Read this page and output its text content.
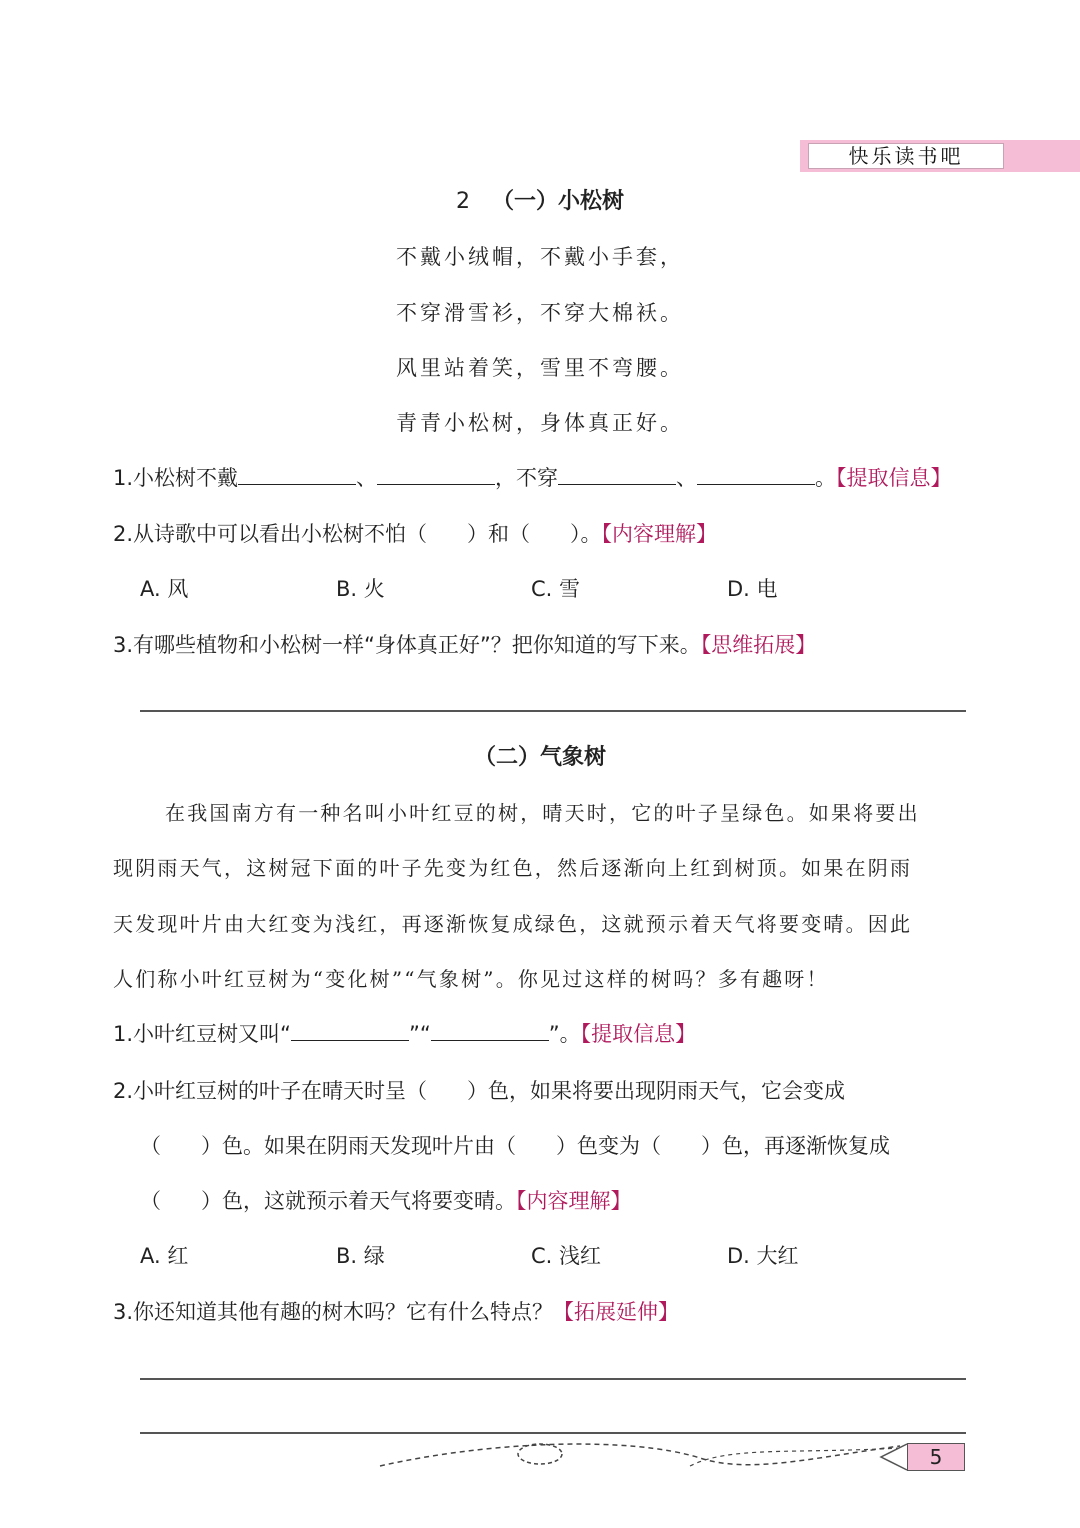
快乐读书吧
2 （一）小松树
不戴小绒帽，不戴小手套，
不穿滑雪衫，不穿大棉袄。
风里站着笑，雪里不弯腰。
青青小松树，身体真正好。
1.小松树不戴	、	，不穿	、	。【提取信息】
2.从诗歌中可以看出小松树不怕（ ）和（ ）。【内容理解】
A. 风	B. 火	C. 雪	D. 电
3.有哪些植物和小松树一样“身体真正好”？把你知道的写下来。【思维拓展】
（二）气象树
在我国南方有一种名叫小叶红豆的树，晴天时，它的叶子呈绿色。如果将要出
现阴雨天气，这树冠下面的叶子先变为红色，然后逐渐向上红到树顶。如果在阴雨
天发现叶片由大红变为浅红，再逐渐恢复成绿色，这就预示着天气将要变晴。因此
人们称小叶红豆树为“变化树”“气象树”。你见过这样的树吗？多有趣呀！
1.小叶红豆树又叫“	”“	”。【提取信息】
2.小叶红豆树的叶子在晴天时呈（ ）色，如果将要出现阴雨天气，它会变成
（ ）色。如果在阴雨天发现叶片由（ ）色变为（ ）色，再逐渐恢复成
（ ）色，这就预示着天气将要变晴。【内容理解】
A. 红	B. 绿	C. 浅红	D. 大红
3.你还知道其他有趣的树木吗？它有什么特点？【拓展延伸】
5
